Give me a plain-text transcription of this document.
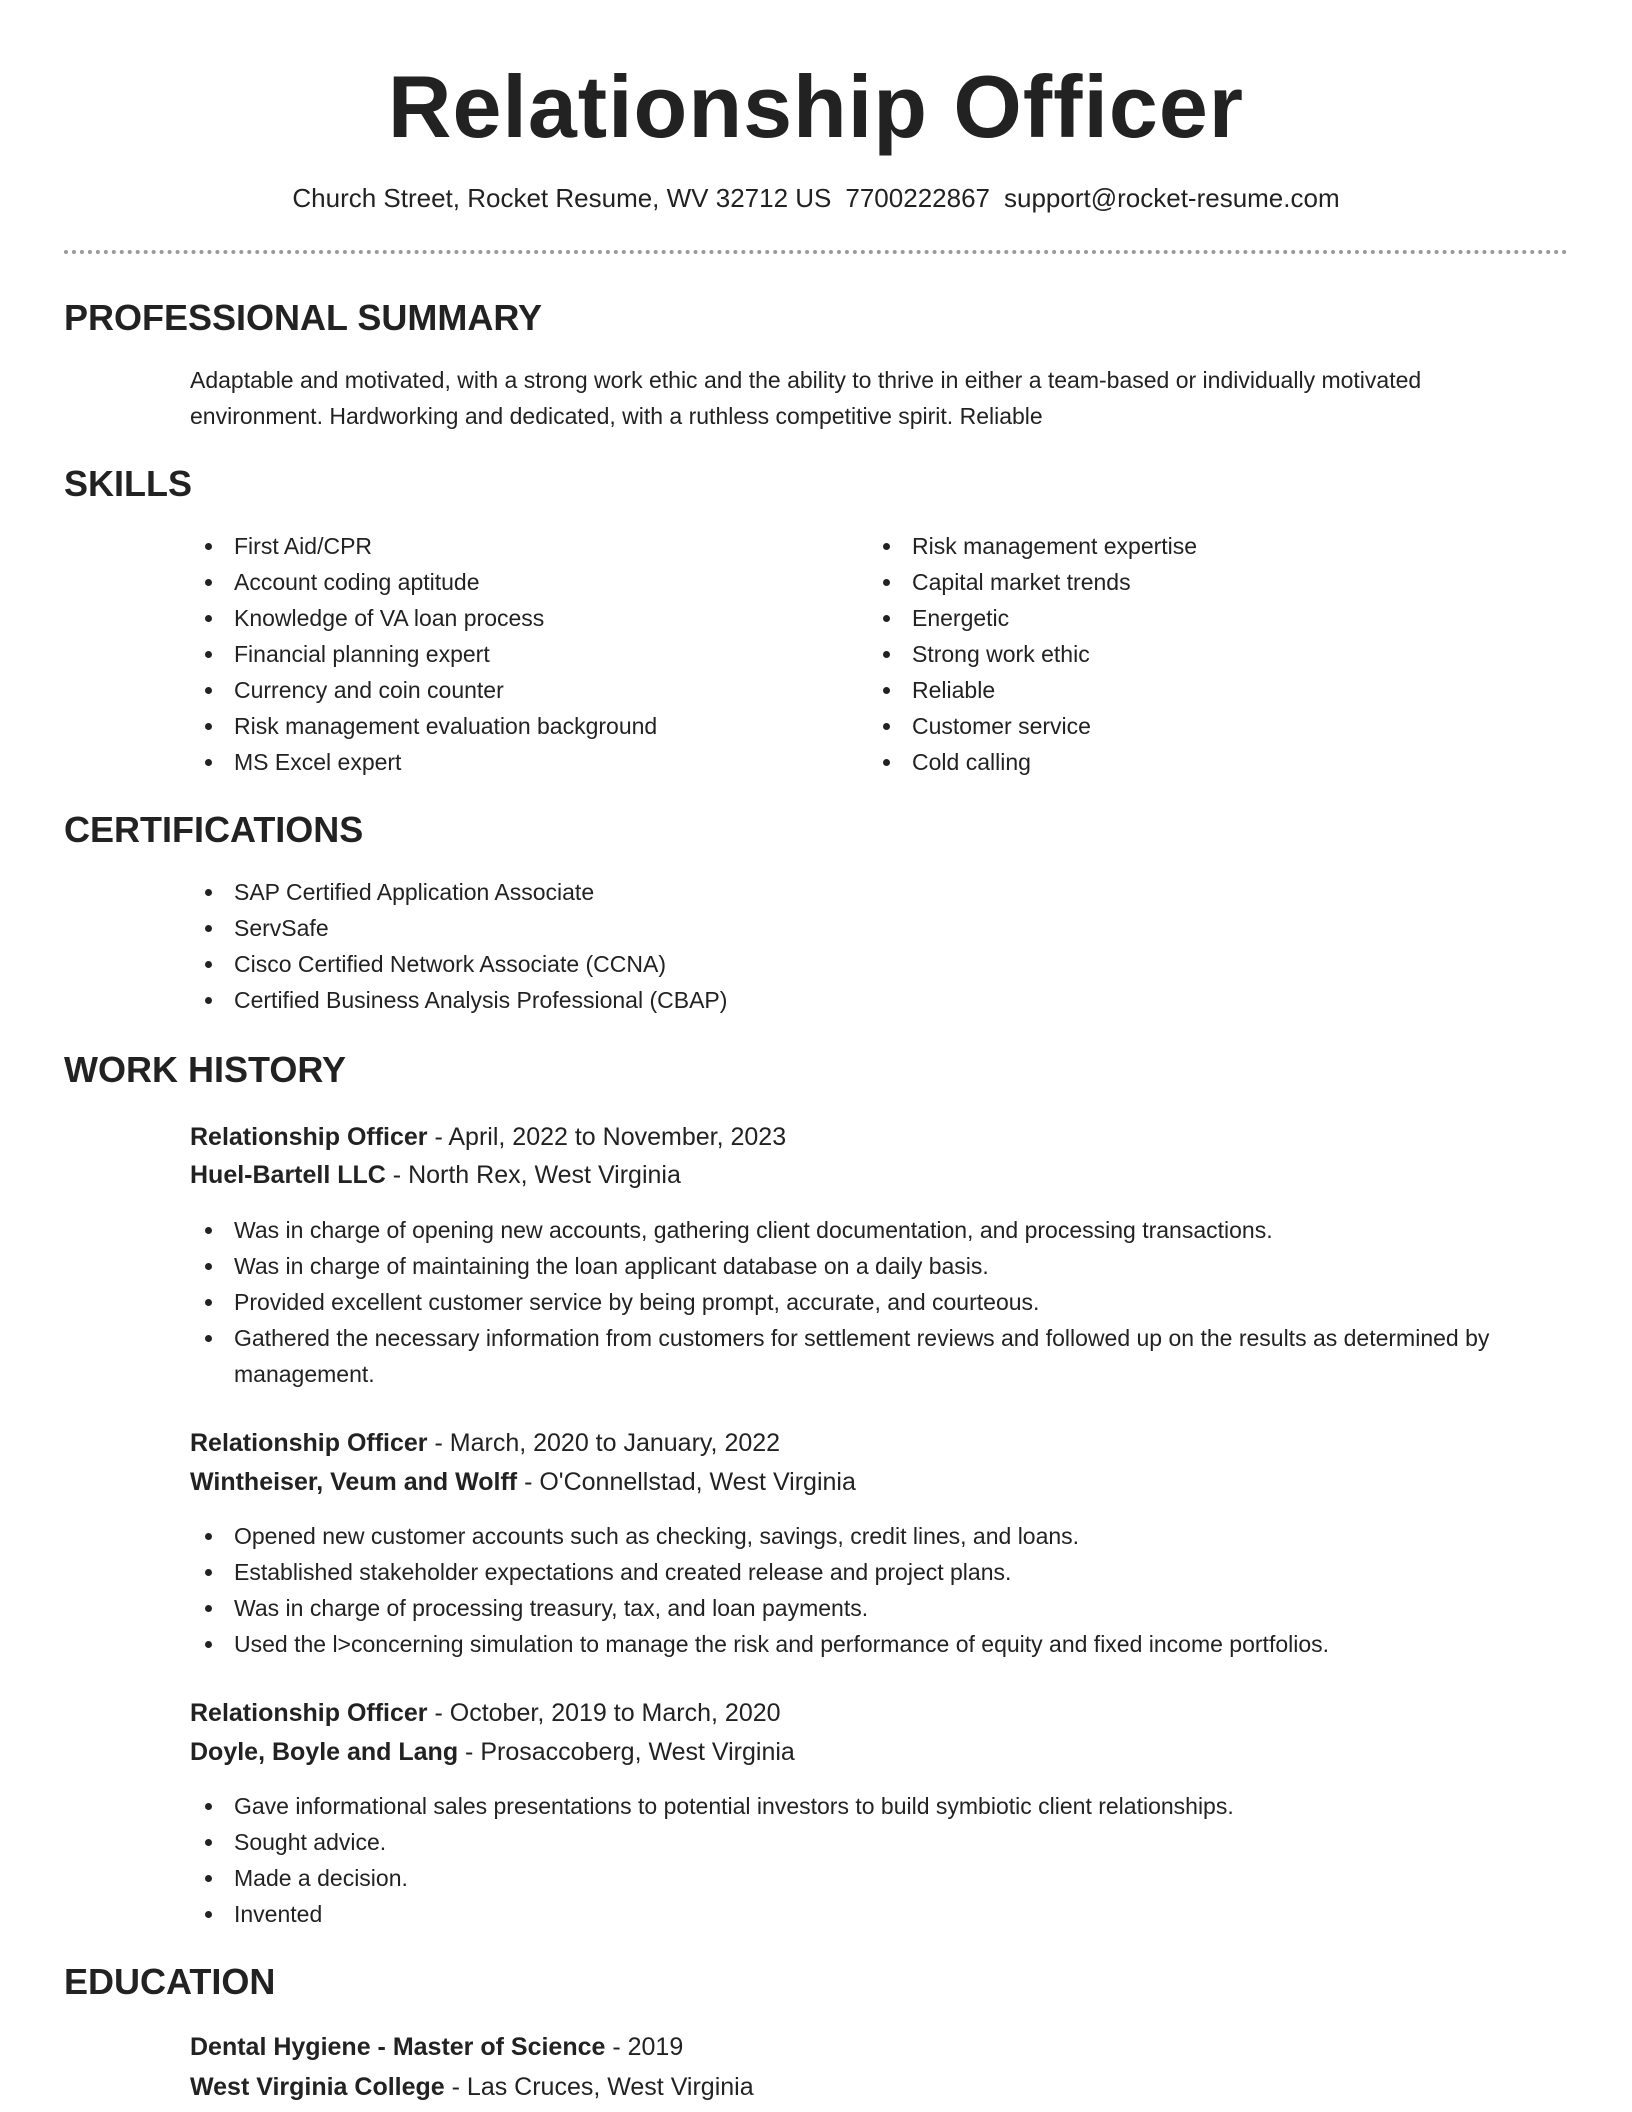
Relationship Officer
Church Street, Rocket Resume, WV 32712 US 7700222867 support@rocket-resume.com
PROFESSIONAL SUMMARY
Adaptable and motivated, with a strong work ethic and the ability to thrive in either a team-based or individually motivated environment. Hardworking and dedicated, with a ruthless competitive spirit. Reliable
SKILLS
First Aid/CPR
Account coding aptitude
Knowledge of VA loan process
Financial planning expert
Currency and coin counter
Risk management evaluation background
MS Excel expert
Risk management expertise
Capital market trends
Energetic
Strong work ethic
Reliable
Customer service
Cold calling
CERTIFICATIONS
SAP Certified Application Associate
ServSafe
Cisco Certified Network Associate (CCNA)
Certified Business Analysis Professional (CBAP)
WORK HISTORY
Relationship Officer - April, 2022 to November, 2023
Huel-Bartell LLC - North Rex, West Virginia
Was in charge of opening new accounts, gathering client documentation, and processing transactions.
Was in charge of maintaining the loan applicant database on a daily basis.
Provided excellent customer service by being prompt, accurate, and courteous.
Gathered the necessary information from customers for settlement reviews and followed up on the results as determined by management.
Relationship Officer - March, 2020 to January, 2022
Wintheiser, Veum and Wolff - O'Connellstad, West Virginia
Opened new customer accounts such as checking, savings, credit lines, and loans.
Established stakeholder expectations and created release and project plans.
Was in charge of processing treasury, tax, and loan payments.
Used the l>concerning simulation to manage the risk and performance of equity and fixed income portfolios.
Relationship Officer - October, 2019 to March, 2020
Doyle, Boyle and Lang - Prosaccoberg, West Virginia
Gave informational sales presentations to potential investors to build symbiotic client relationships.
Sought advice.
Made a decision.
Invented
EDUCATION
Dental Hygiene - Master of Science - 2019
West Virginia College - Las Cruces, West Virginia
